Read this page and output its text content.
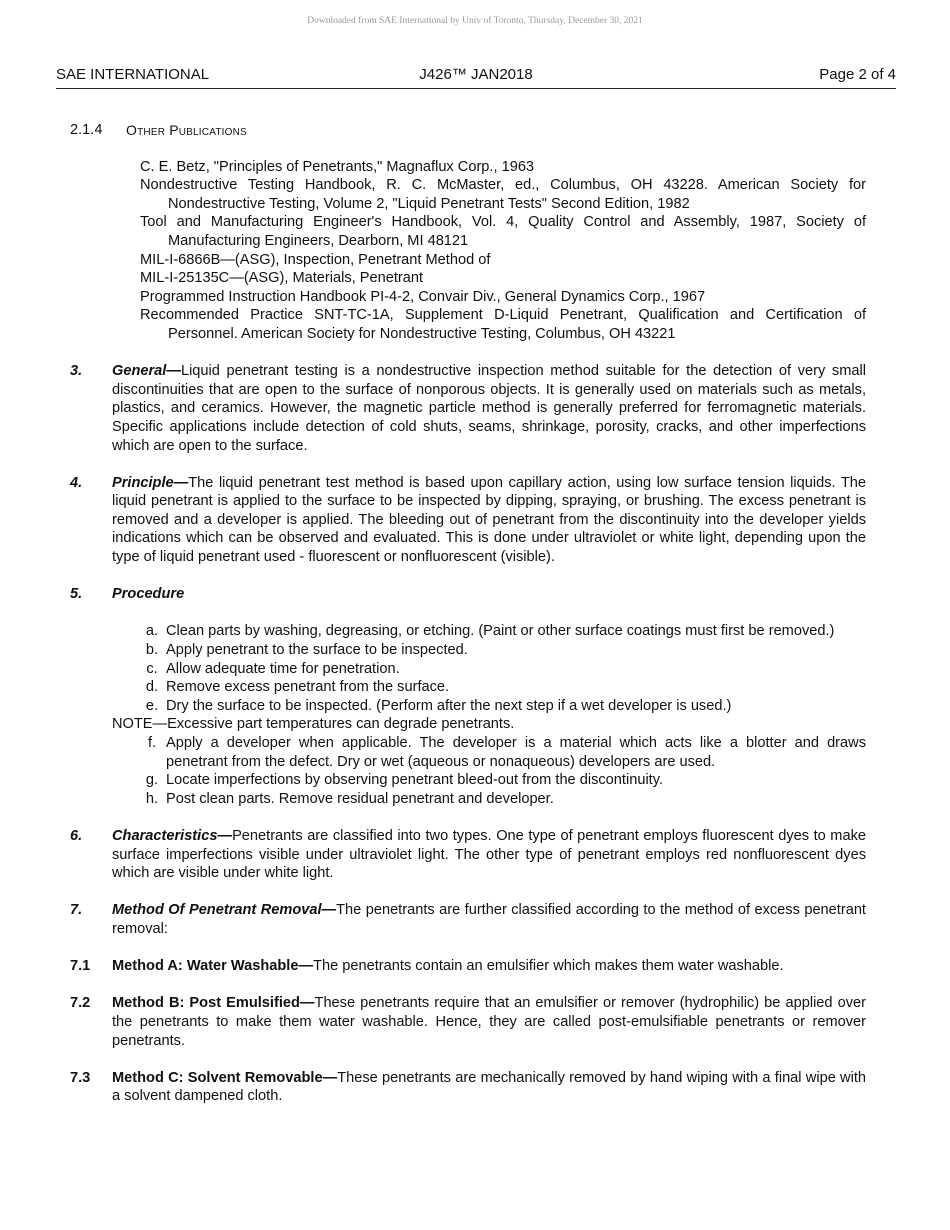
Downloaded from SAE International by Univ of Toronto, Thursday, December 30, 2021
SAE INTERNATIONAL	J426™ JAN2018	Page 2 of 4
2.1.4	Other Publications
C. E. Betz, "Principles of Penetrants," Magnaflux Corp., 1963
Nondestructive Testing Handbook, R. C. McMaster, ed., Columbus, OH 43228. American Society for Nondestructive Testing, Volume 2, "Liquid Penetrant Tests" Second Edition, 1982
Tool and Manufacturing Engineer's Handbook, Vol. 4, Quality Control and Assembly, 1987, Society of Manufacturing Engineers, Dearborn, MI 48121
MIL-I-6866B—(ASG), Inspection, Penetrant Method of
MIL-I-25135C—(ASG), Materials, Penetrant
Programmed Instruction Handbook PI-4-2, Convair Div., General Dynamics Corp., 1967
Recommended Practice SNT-TC-1A, Supplement D-Liquid Penetrant, Qualification and Certification of Personnel. American Society for Nondestructive Testing, Columbus, OH 43221
3.	General—Liquid penetrant testing is a nondestructive inspection method suitable for the detection of very small discontinuities that are open to the surface of nonporous objects. It is generally used on materials such as metals, plastics, and ceramics. However, the magnetic particle method is generally preferred for ferromagnetic materials. Specific applications include detection of cold shuts, seams, shrinkage, porosity, cracks, and other imperfections which are open to the surface.
4.	Principle—The liquid penetrant test method is based upon capillary action, using low surface tension liquids. The liquid penetrant is applied to the surface to be inspected by dipping, spraying, or brushing. The excess penetrant is removed and a developer is applied. The bleeding out of penetrant from the discontinuity into the developer yields indications which can be observed and evaluated. This is done under ultraviolet or white light, depending upon the type of liquid penetrant used - fluorescent or nonfluorescent (visible).
5.	Procedure
a. Clean parts by washing, degreasing, or etching. (Paint or other surface coatings must first be removed.)
b. Apply penetrant to the surface to be inspected.
c. Allow adequate time for penetration.
d. Remove excess penetrant from the surface.
e. Dry the surface to be inspected. (Perform after the next step if a wet developer is used.)
NOTE—Excessive part temperatures can degrade penetrants.
f. Apply a developer when applicable. The developer is a material which acts like a blotter and draws penetrant from the defect. Dry or wet (aqueous or nonaqueous) developers are used.
g. Locate imperfections by observing penetrant bleed-out from the discontinuity.
h. Post clean parts. Remove residual penetrant and developer.
6.	Characteristics—Penetrants are classified into two types. One type of penetrant employs fluorescent dyes to make surface imperfections visible under ultraviolet light. The other type of penetrant employs red nonfluorescent dyes which are visible under white light.
7.	Method Of Penetrant Removal—The penetrants are further classified according to the method of excess penetrant removal:
7.1	Method A: Water Washable—The penetrants contain an emulsifier which makes them water washable.
7.2	Method B: Post Emulsified—These penetrants require that an emulsifier or remover (hydrophilic) be applied over the penetrants to make them water washable. Hence, they are called post-emulsifiable penetrants or remover penetrants.
7.3	Method C: Solvent Removable—These penetrants are mechanically removed by hand wiping with a final wipe with a solvent dampened cloth.
